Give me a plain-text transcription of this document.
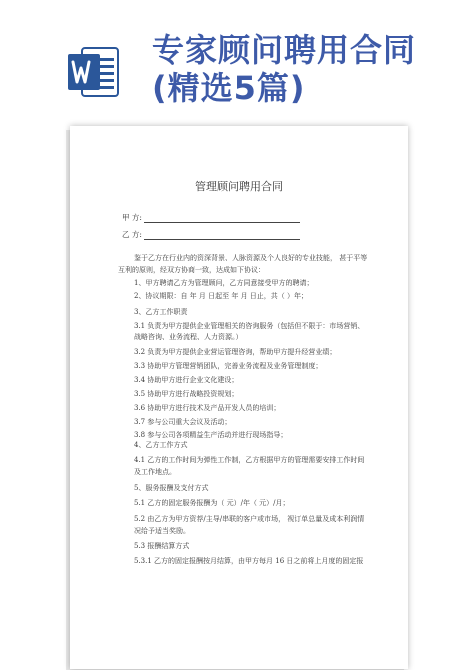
专家顾问聘用合同
(精选5篇)
管理顾问聘用合同
甲 方:
乙 方:
鉴于乙方在行业内的资深背景、人脉资源及个人良好的专业技能， 甚于平等
互利的原则，经双方协商一致，达成如下协议：
1、甲方聘请乙方为管理顾问，乙方同意接受甲方的聘请；
2、协议期限：自 年 月 日起至 年 月 日止，共（ ）年；
3、乙方工作职责
3.1 负责为甲方提供企业管理相关的咨询服务（包括但不限于：市场营销、
战略咨询、业务流程、人力资源。）
3.2 负责为甲方提供企业营运管理咨询，帮助甲方提升经营业绩；
3.3 协助甲方管理营销团队，完善业务流程及业务管理制度；
3.4 协助甲方进行企业文化建设；
3.5 协助甲方进行战略投资规划；
3.6 协助甲方进行技术及产品开发人员的培训；
3.7 参与公司重大会议及活动；
3.8 参与公司各项精益生产活动并进行现场指导；
4、乙方工作方式
4.1 乙方的工作时间为弹性工作制，乙方根据甲方的管理需要安排工作时间
及工作地点。
5、服务报酬及支付方式
5.1 乙方的固定服务报酬为（ 元）/年（ 元）/月；
5.2 由乙方为甲方资荐/主导/串联的客户或市场， 视订单总量及成本利润情
况给予适当奖励。
5.3 报酬结算方式
5.3.1 乙方的固定报酬按月结算，由甲方每月 16 日之前将上月度的固定报
